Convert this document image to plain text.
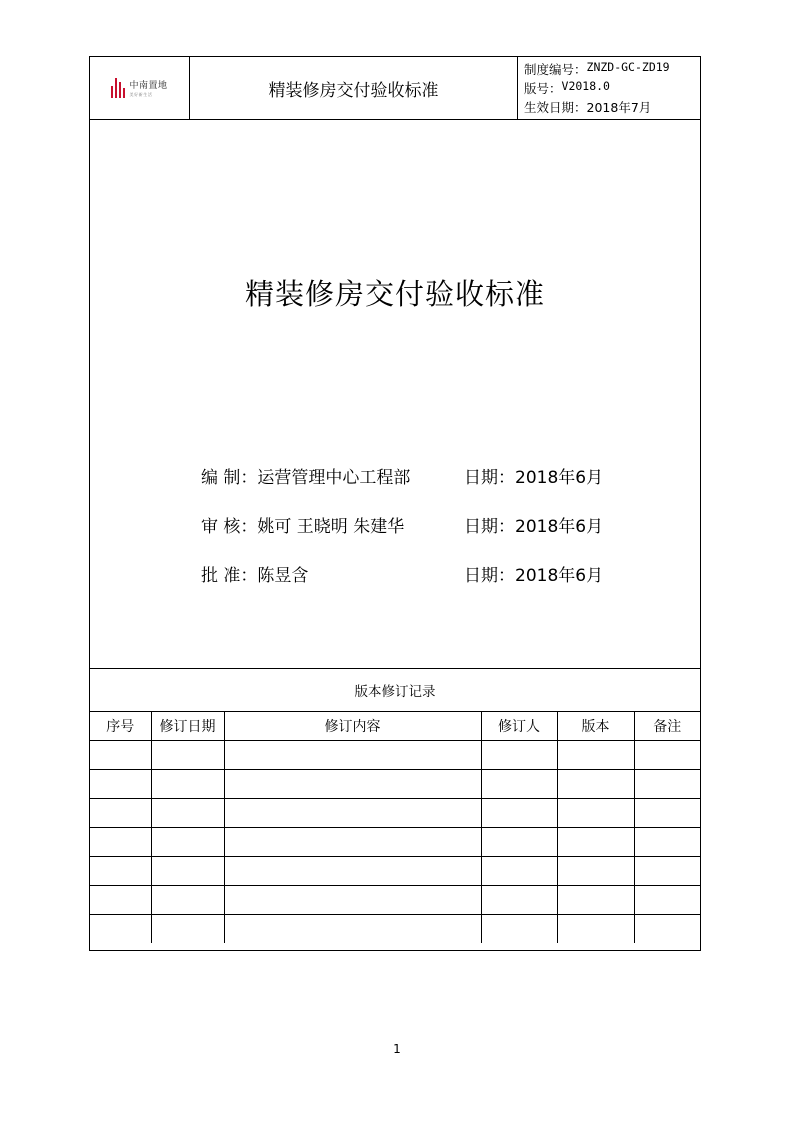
中南置地
美好新生活	精装修房交付验收标准
制度编号： ZNZD-GC-ZD19
版号： V2018.0
生效日期： 2018年7月
精装修房交付验收标准
编 制：运营管理中心工程部	日期：2018年6月
审 核：姚可 王晓明 朱建华	日期：2018年6月
批 准：陈昱含	日期：2018年6月
版本修订记录
序号	修订日期	修订内容	修订人	版本	备注

1
